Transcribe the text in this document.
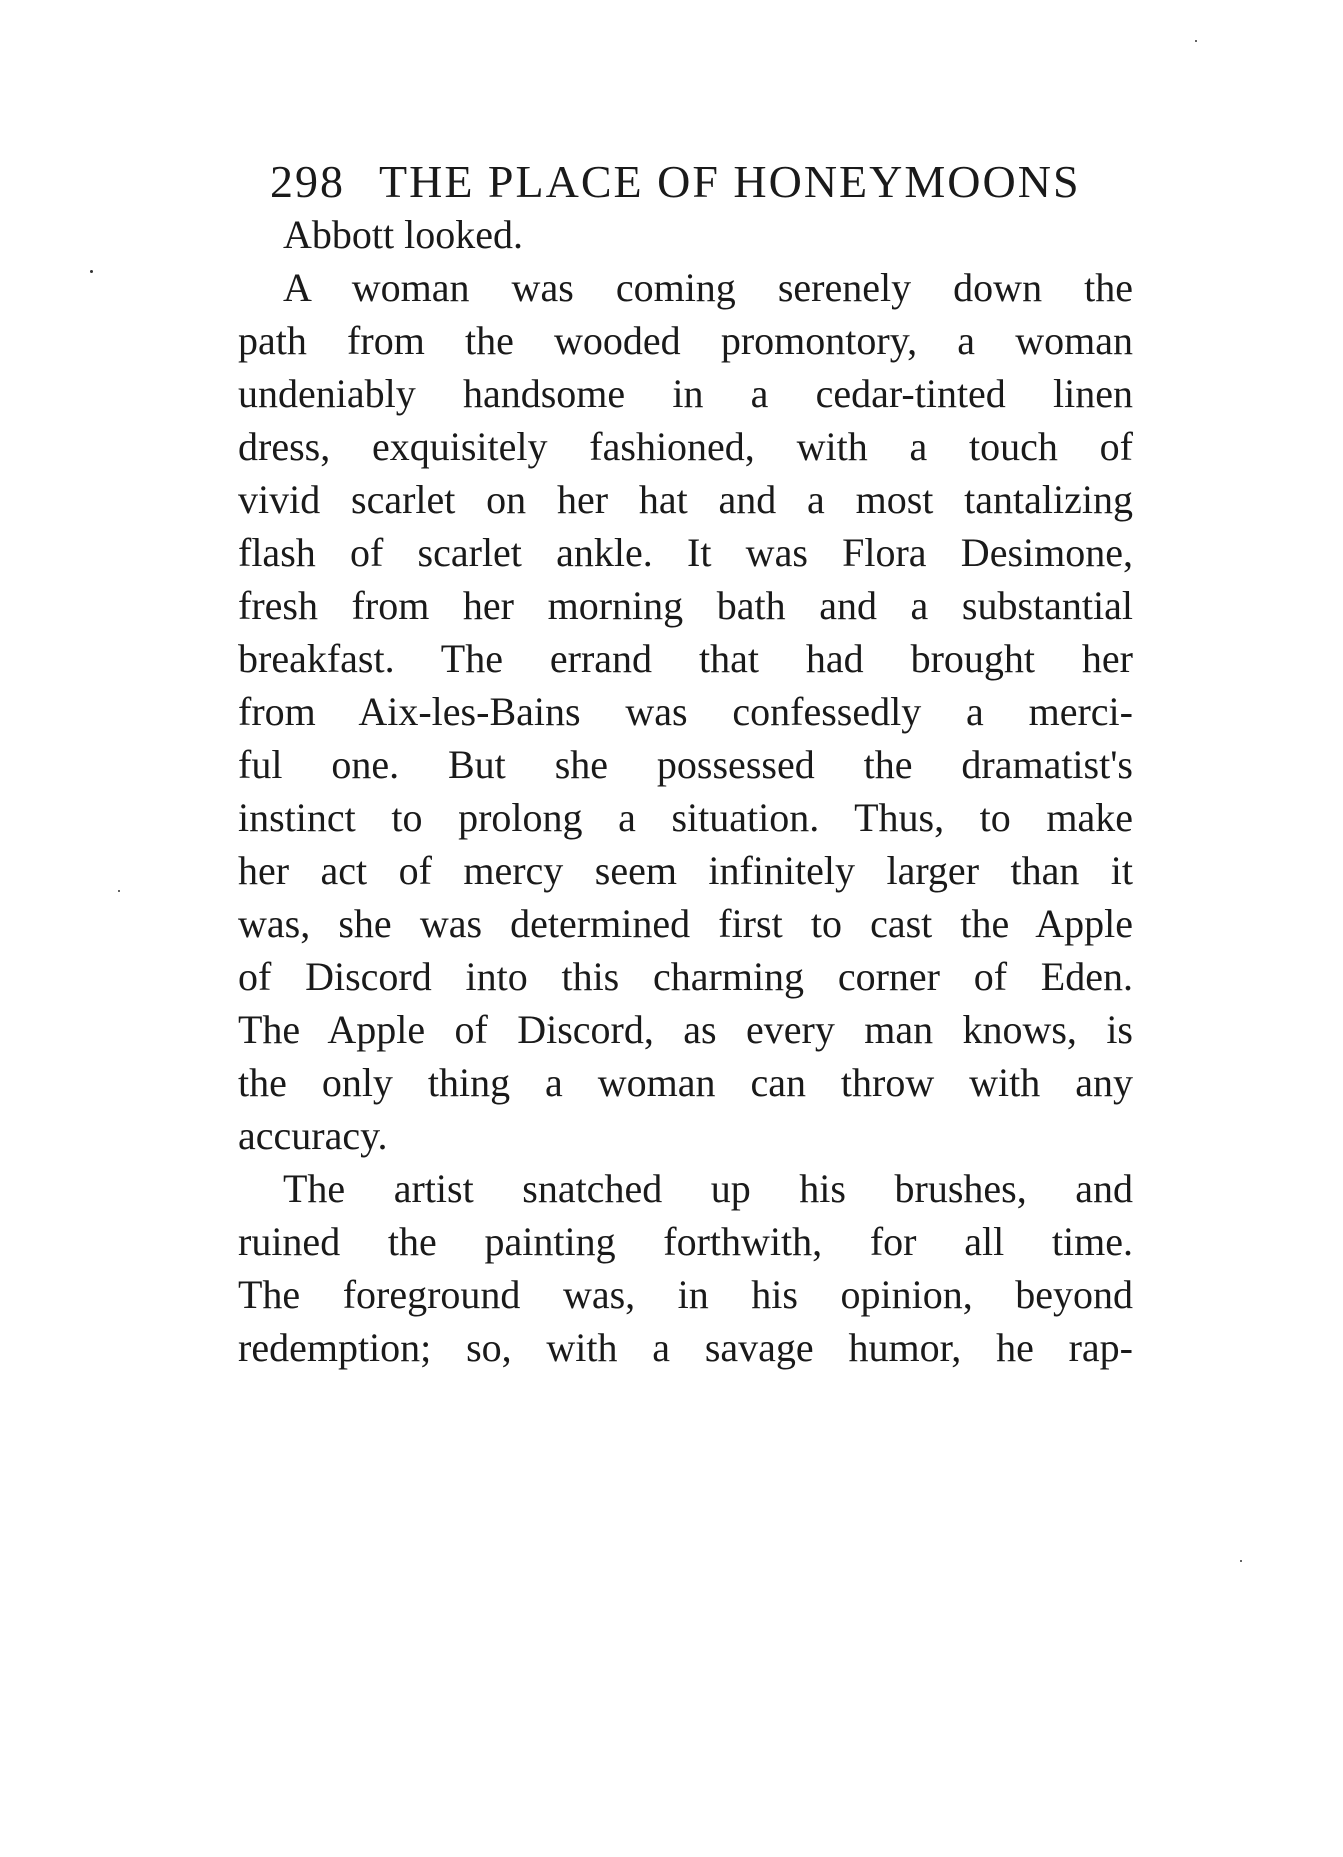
298 THE PLACE OF HONEYMOONS
Abbott looked.
A woman was coming serenely down the
path from the wooded promontory, a woman
undeniably handsome in a cedar-tinted linen
dress, exquisitely fashioned, with a touch of
vivid scarlet on her hat and a most tantalizing
flash of scarlet ankle. It was Flora Desimone,
fresh from her morning bath and a substantial
breakfast. The errand that had brought her
from Aix-les-Bains was confessedly a merci-
ful one. But she possessed the dramatist's
instinct to prolong a situation. Thus, to make
her act of mercy seem infinitely larger than it
was, she was determined first to cast the Apple
of Discord into this charming corner of Eden.
The Apple of Discord, as every man knows, is
the only thing a woman can throw with any
accuracy.
The artist snatched up his brushes, and
ruined the painting forthwith, for all time.
The foreground was, in his opinion, beyond
redemption; so, with a savage humor, he rap-
